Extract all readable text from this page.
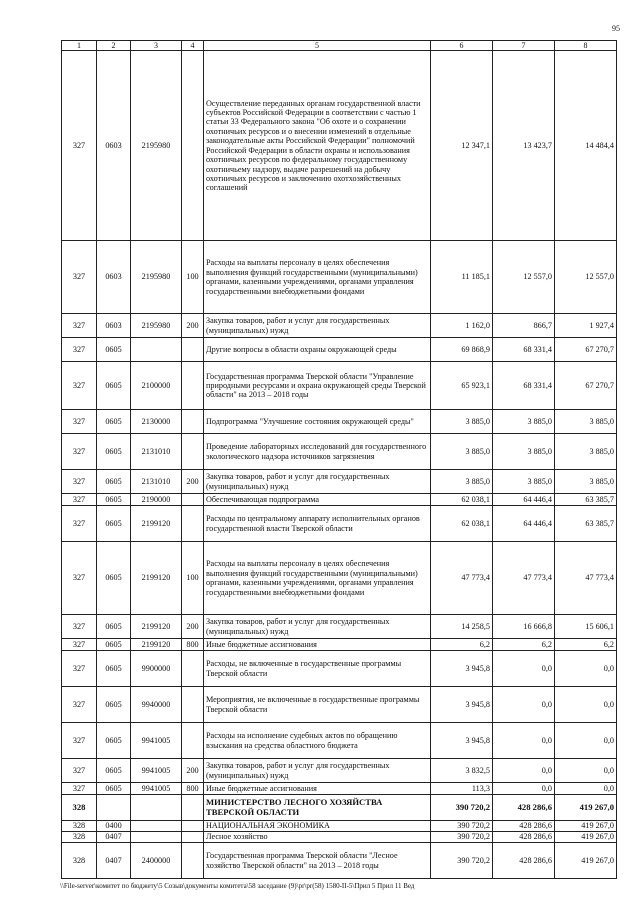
95
1	2	3	4	5	6	7	8
327	0603	2195980		Осуществление переданных органам государственной власти субъектов Российской Федерации в соответствии с частью 1 статьи 33 Федерального закона "Об охоте и о сохранении охотничьих ресурсов и о внесении изменений в отдельные законодательные акты Российской Федерации" полномочий Российской Федерации в области охраны и использования охотничьих ресурсов по федеральному государственному охотничьему надзору, выдаче разрешений на добычу охотничьих ресурсов и заключению охотхозяйственных соглашений	12 347,1	13 423,7	14 484,4
327	0603	2195980	100	Расходы на выплаты персоналу в целях обеспечения выполнения функций государственными (муниципальными) органами, казенными учреждениями, органами управления государственными внебюджетными фондами	11 185,1	12 557,0	12 557,0
327	0603	2195980	200	Закупка товаров, работ и услуг для государственных (муниципальных) нужд	1 162,0	866,7	1 927,4
327	0605			Другие вопросы в области охраны окружающей среды	69 868,9	68 331,4	67 270,7
327	0605	2100000		Государственная программа Тверской области "Управление природными ресурсами и охрана окружающей среды Тверской области" на 2013 – 2018 годы	65 923,1	68 331,4	67 270,7
327	0605	2130000		Подпрограмма "Улучшение состояния окружающей среды"	3 885,0	3 885,0	3 885,0
327	0605	2131010		Проведение лабораторных исследований для государственного экологического надзора источников загрязнения	3 885,0	3 885,0	3 885,0
327	0605	2131010	200	Закупка товаров, работ и услуг для государственных (муниципальных) нужд	3 885,0	3 885,0	3 885,0
327	0605	2190000		Обеспечивающая подпрограмма	62 038,1	64 446,4	63 385,7
327	0605	2199120		Расходы по центральному аппарату исполнительных органов государственной власти Тверской области	62 038,1	64 446,4	63 385,7
327	0605	2199120	100	Расходы на выплаты персоналу в целях обеспечения выполнения функций государственными (муниципальными) органами, казенными учреждениями, органами управления государственными внебюджетными фондами	47 773,4	47 773,4	47 773,4
327	0605	2199120	200	Закупка товаров, работ и услуг для государственных (муниципальных) нужд	14 258,5	16 666,8	15 606,1
327	0605	2199120	800	Иные бюджетные ассигнования	6,2	6,2	6,2
327	0605	9900000		Расходы, не включенные в государственные программы Тверской области	3 945,8	0,0	0,0
327	0605	9940000		Мероприятия, не включенные в государственные программы Тверской области	3 945,8	0,0	0,0
327	0605	9941005		Расходы на исполнение судебных актов по обращению взыскания на средства областного бюджета	3 945,8	0,0	0,0
327	0605	9941005	200	Закупка товаров, работ и услуг для государственных (муниципальных) нужд	3 832,5	0,0	0,0
327	0605	9941005	800	Иные бюджетные ассигнования	113,3	0,0	0,0
328				МИНИСТЕРСТВО ЛЕСНОГО ХОЗЯЙСТВА ТВЕРСКОЙ ОБЛАСТИ	390 720,2	428 286,6	419 267,0
328	0400			НАЦИОНАЛЬНАЯ ЭКОНОМИКА	390 720,2	428 286,6	419 267,0
328	0407			Лесное хозяйство	390 720,2	428 286,6	419 267,0
328	0407	2400000		Государственная программа Тверской области "Лесное хозяйство Тверской области" на 2013 – 2018 годы	390 720,2	428 286,6	419 267,0
\\File-server\комитет по бюджету\5 Созыв\документы комитета\58 заседание (9)\pr\pr(58) 1580-II-5\Прил 5 Прил 11 Вед
